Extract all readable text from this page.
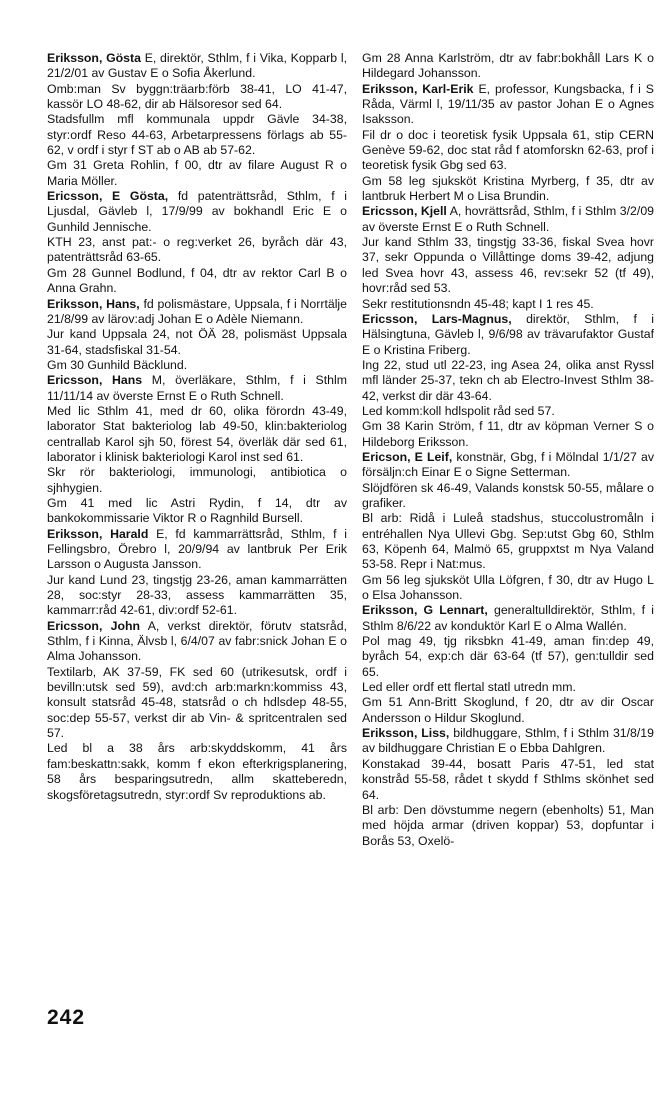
Eriksson, Gösta E, direktör, Sthlm, f i Vika, Kopparb l, 21/2/01 av Gustav E o Sofia Åkerlund.

Omb:man Sv byggn:träarb:förb 38-41, LO 41-47, kassör LO 48-62, dir ab Hälsoresor sed 64.

Stadsfullm mfl kommunala uppdr Gävle 34-38, styr:ordf Reso 44-63, Arbetarpressens förlags ab 55-62, v ordf i styr f ST ab o AB ab 57-62.

Gm 31 Greta Rohlin, f 00, dtr av filare August R o Maria Möller.

Ericsson, E Gösta, fd patenträttsråd, Sthlm, f i Ljusdal, Gävleb l, 17/9/99 av bokhandl Eric E o Gunhild Jennische.

KTH 23, anst pat:- o reg:verket 26, byråch där 43, patenträttsråd 63-65.

Gm 28 Gunnel Bodlund, f 04, dtr av rektor Carl B o Anna Grahn.

Eriksson, Hans, fd polismästare, Uppsala, f i Norrtälje 21/8/99 av lärov:adj Johan E o Adèle Niemann.

Jur kand Uppsala 24, not ÖÄ 28, polismäst Uppsala 31-64, stadsfiskal 31-54.

Gm 30 Gunhild Bäcklund.

Ericsson, Hans M, överläkare, Sthlm, f i Sthlm 11/11/14 av överste Ernst E o Ruth Schnell.

Med lic Sthlm 41, med dr 60, olika förordn 43-49, laborator Stat bakteriolog lab 49-50, klin:bakteriolog centrallab Karol sjh 50, förest 54, överläk där sed 61, laborator i klinisk bakteriologi Karol inst sed 61.

Skr rör bakteriologi, immunologi, antibiotica o sjhhygien.

Gm 41 med lic Astri Rydin, f 14, dtr av bankokommissarie Viktor R o Ragnhild Bursell.

Eriksson, Harald E, fd kammarrättsråd, Sthlm, f i Fellingsbro, Örebro l, 20/9/94 av lantbruk Per Erik Larsson o Augusta Jansson.

Jur kand Lund 23, tingstjg 23-26, aman kammarrätten 28, soc:styr 28-33, assess kammarrätten 35, kammarr:råd 42-61, div:ordf 52-61.

Ericsson, John A, verkst direktör, förutv statsråd, Sthlm, f i Kinna, Älvsb l, 6/4/07 av fabr:snick Johan E o Alma Johansson.

Textilarb, AK 37-59, FK sed 60 (utrikesutsk, ordf i bevilln:utsk sed 59), avd:ch arb:markn:kommiss 43, konsult statsråd 45-48, statsråd o ch hdlsdep 48-55, soc:dep 55-57, verkst dir ab Vin- & spritcentralen sed 57.

Led bl a 38 års arb:skyddskomm, 41 års fam:beskattn:sakk, komm f ekon efterkrigsplanering, 58 års besparingsutredn, allm skatteberedn, skogsföretagsutredn, styr:ordf Sv reproduktions ab.

Gm 28 Anna Karlström, dtr av fabr:bokhåll Lars K o Hildegard Johansson.

Eriksson, Karl-Erik E, professor, Kungsbacka, f i S Råda, Värml l, 19/11/35 av pastor Johan E o Agnes Isaksson.

Fil dr o doc i teoretisk fysik Uppsala 61, stip CERN Genève 59-62, doc stat råd f atomforskn 62-63, prof i teoretisk fysik Gbg sed 63.

Gm 58 leg sjuksköt Kristina Myrberg, f 35, dtr av lantbruk Herbert M o Lisa Brundin.

Ericsson, Kjell A, hovrättsråd, Sthlm, f i Sthlm 3/2/09 av överste Ernst E o Ruth Schnell.

Jur kand Sthlm 33, tingstjg 33-36, fiskal Svea hovr 37, sekr Oppunda o Villåttinge doms 39-42, adjung led Svea hovr 43, assess 46, rev:sekr 52 (tf 49), hovr:råd sed 53.

Sekr restitutionsndn 45-48; kapt I 1 res 45.

Ericsson, Lars-Magnus, direktör, Sthlm, f i Hälsingtuna, Gävleb l, 9/6/98 av trävarufaktor Gustaf E o Kristina Friberg.

Ing 22, stud utl 22-23, ing Asea 24, olika anst Ryssl mfl länder 25-37, tekn ch ab Electro-Invest Sthlm 38-42, verkst dir där 43-64.

Led komm:koll hdlspolit råd sed 57.

Gm 38 Karin Ström, f 11, dtr av köpman Verner S o Hildeborg Eriksson.

Ericson, E Leif, konstnär, Gbg, f i Mölndal 1/1/27 av försäljn:ch Einar E o Signe Setterman.

Slöjdfören sk 46-49, Valands konstsk 50-55, målare o grafiker.

Bl arb: Ridå i Luleå stadshus, stuccolustromåln i entréhallen Nya Ullevi Gbg. Sep:utst Gbg 60, Sthlm 63, Köpenh 64, Malmö 65, gruppxtst m Nya Valand 53-58. Repr i Nat:mus.

Gm 56 leg sjuksköt Ulla Löfgren, f 30, dtr av Hugo L o Elsa Johansson.

Eriksson, G Lennart, generaltulldirektör, Sthlm, f i Sthlm 8/6/22 av konduktör Karl E o Alma Wallén.

Pol mag 49, tjg riksbkn 41-49, aman fin:dep 49, byråch 54, exp:ch där 63-64 (tf 57), gen:tulldir sed 65.

Led eller ordf ett flertal statl utredn mm.

Gm 51 Ann-Britt Skoglund, f 20, dtr av dir Oscar Andersson o Hildur Skoglund.

Eriksson, Liss, bildhuggare, Sthlm, f i Sthlm 31/8/19 av bildhuggare Christian E o Ebba Dahlgren.

Konstakad 39-44, bosatt Paris 47-51, led stat konstråd 55-58, rådet t skydd f Sthlms skönhet sed 64.

Bl arb: Den dövstumme negern (ebenholts) 51, Man med höjda armar (driven koppar) 53, dopfuntar i Borås 53, Oxelö-

242
